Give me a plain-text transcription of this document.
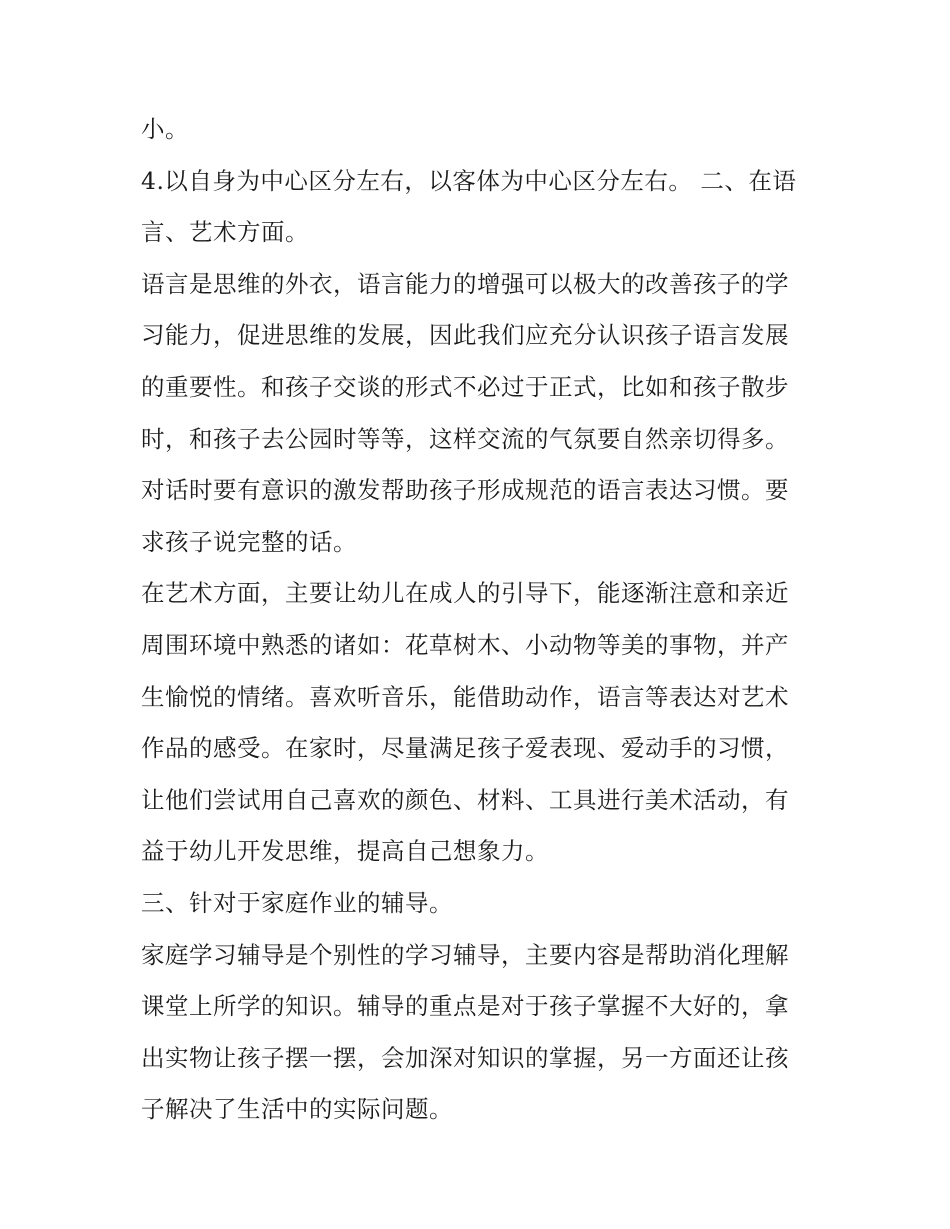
小。
4.以自身为中心区分左右，以客体为中心区分左右。 二、在语
言、艺术方面。
语言是思维的外衣，语言能力的增强可以极大的改善孩子的学
习能力，促进思维的发展，因此我们应充分认识孩子语言发展
的重要性。和孩子交谈的形式不必过于正式，比如和孩子散步
时，和孩子去公园时等等，这样交流的气氛要自然亲切得多。
对话时要有意识的激发帮助孩子形成规范的语言表达习惯。要
求孩子说完整的话。
在艺术方面，主要让幼儿在成人的引导下，能逐渐注意和亲近
周围环境中熟悉的诸如：花草树木、小动物等美的事物，并产
生愉悦的情绪。喜欢听音乐，能借助动作，语言等表达对艺术
作品的感受。在家时，尽量满足孩子爱表现、爱动手的习惯，
让他们尝试用自己喜欢的颜色、材料、工具进行美术活动，有
益于幼儿开发思维，提高自己想象力。
三、针对于家庭作业的辅导。
家庭学习辅导是个别性的学习辅导，主要内容是帮助消化理解
课堂上所学的知识。辅导的重点是对于孩子掌握不大好的，拿
出实物让孩子摆一摆，会加深对知识的掌握，另一方面还让孩
子解决了生活中的实际问题。
